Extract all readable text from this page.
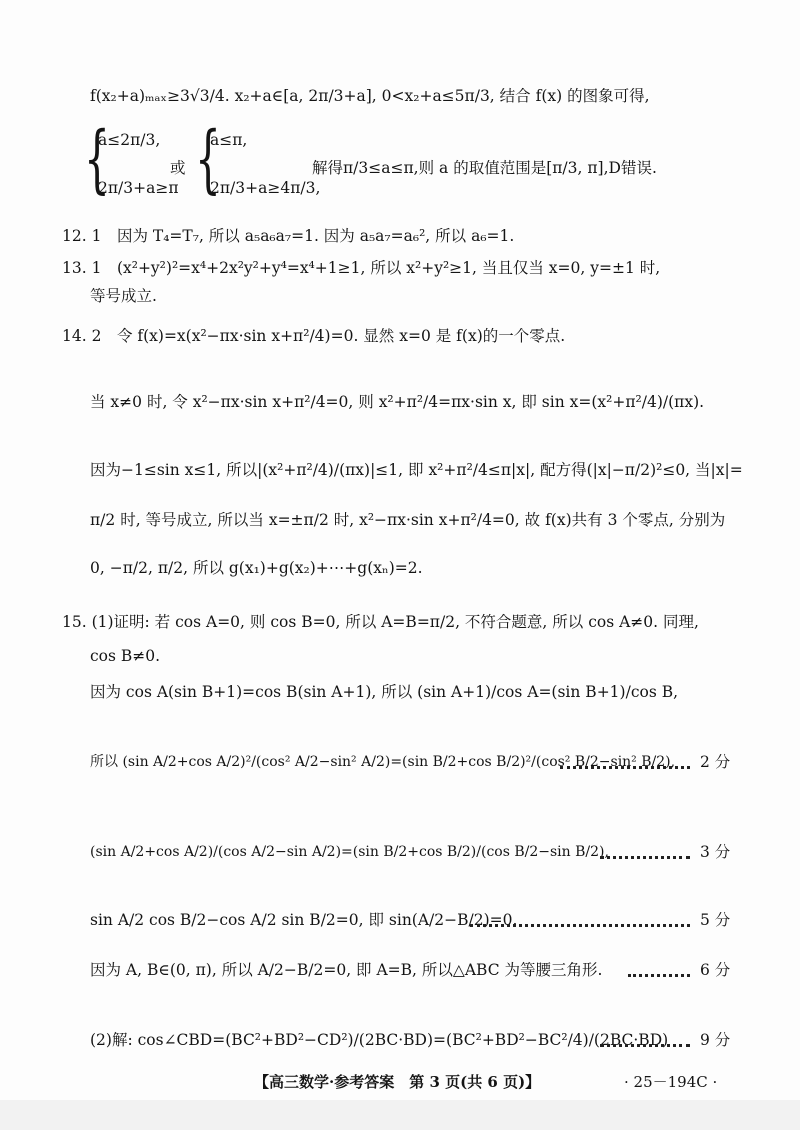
f(x₂+a)ₘₐₓ≥3√3/4. x₂+a∈[a, 2π/3+a], 0<x₂+a≤5π/3, 结合 f(x) 的图象可得,
{
a≤2π/3,
2π/3+a≥π
或 {
a≤π,
2π/3+a≥4π/3,
解得π/3≤a≤π,则 a 的取值范围是[π/3, π],D错误.
12. 1　因为 T₄=T₇, 所以 a₅a₆a₇=1. 因为 a₅a₇=a₆², 所以 a₆=1.
13. 1　(x²+y²)²=x⁴+2x²y²+y⁴=x⁴+1≥1, 所以 x²+y²≥1, 当且仅当 x=0, y=±1 时,
等号成立.
14. 2　令 f(x)=x(x²−πx·sin x+π²/4)=0. 显然 x=0 是 f(x)的一个零点.
当 x≠0 时, 令 x²−πx·sin x+π²/4=0, 则 x²+π²/4=πx·sin x, 即 sin x=(x²+π²/4)/(πx).
因为−1≤sin x≤1, 所以|(x²+π²/4)/(πx)|≤1, 即 x²+π²/4≤π|x|, 配方得(|x|−π/2)²≤0, 当|x|=
π/2 时, 等号成立, 所以当 x=±π/2 时, x²−πx·sin x+π²/4=0, 故 f(x)共有 3 个零点, 分别为
0, −π/2, π/2, 所以 g(x₁)+g(x₂)+⋯+g(xₙ)=2.
15. (1)证明: 若 cos A=0, 则 cos B=0, 所以 A=B=π/2, 不符合题意, 所以 cos A≠0. 同理,
cos B≠0.
因为 cos A(sin B+1)=cos B(sin A+1), 所以 (sin A+1)/cos A=(sin B+1)/cos B,
所以 (sin A/2+cos A/2)²/(cos² A/2−sin² A/2)=(sin B/2+cos B/2)²/(cos² B/2−sin² B/2), 2 分
(sin A/2+cos A/2)/(cos A/2−sin A/2)=(sin B/2+cos B/2)/(cos B/2−sin B/2),	3 分
sin A/2 cos B/2−cos A/2 sin B/2=0, 即 sin(A/2−B/2)=0.	5 分
因为 A, B∈(0, π), 所以 A/2−B/2=0, 即 A=B, 所以△ABC 为等腰三角形.	6 分
(2)解: cos∠CBD=(BC²+BD²−CD²)/(2BC·BD)=(BC²+BD²−BC²/4)/(2BC·BD) 9 分
【高三数学·参考答案　第 3 页(共 6 页)】	· 25－194C ·
